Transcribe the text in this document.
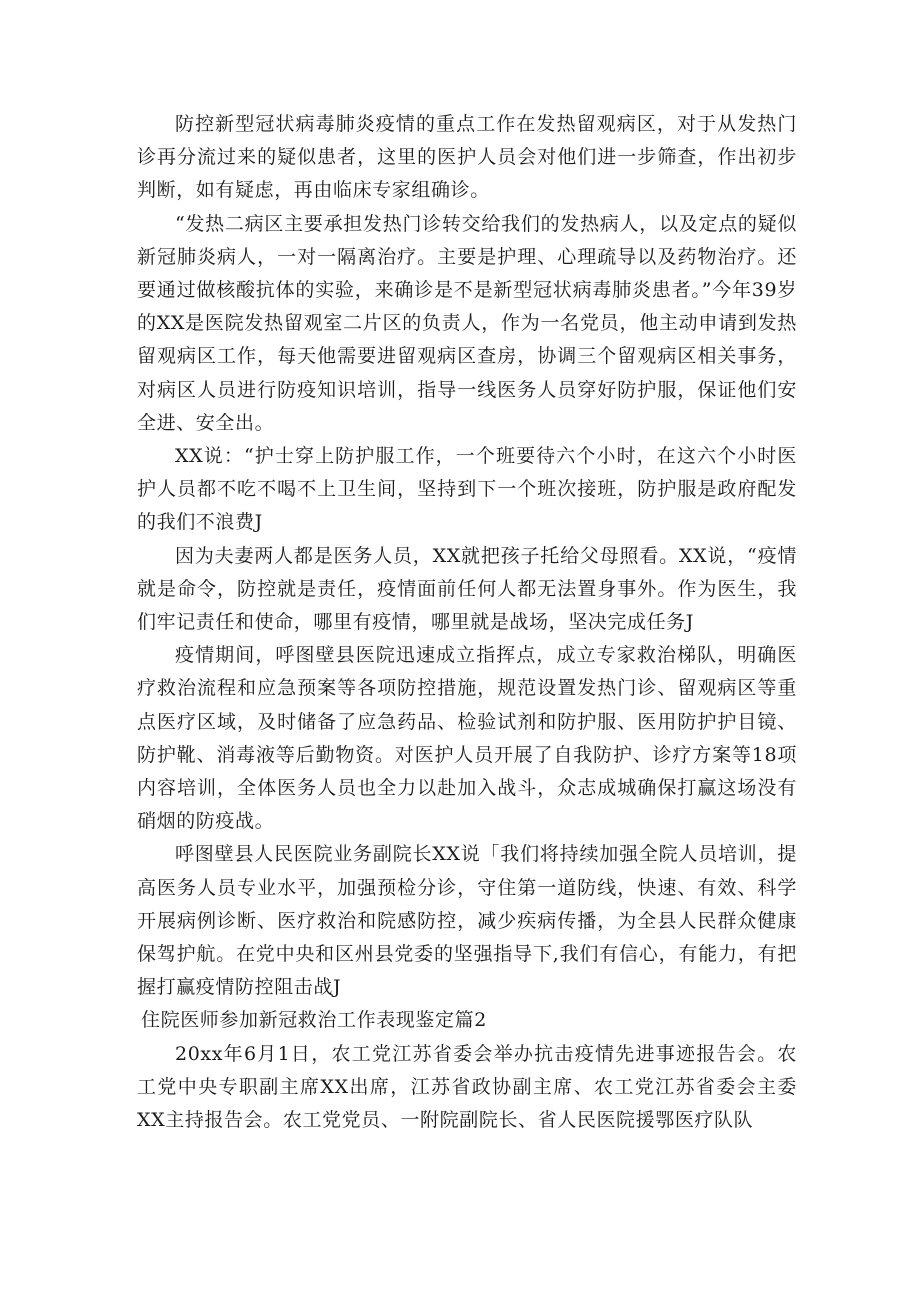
防控新型冠状病毒肺炎疫情的重点工作在发热留观病区，对于从发热门诊再分流过来的疑似患者，这里的医护人员会对他们进一步筛查，作出初步判断，如有疑虑，再由临床专家组确诊。

“发热二病区主要承担发热门诊转交给我们的发热病人，以及定点的疑似新冠肺炎病人，一对一隔离治疗。主要是护理、心理疏导以及药物治疗。还要通过做核酸抗体的实验，来确诊是不是新型冠状病毒肺炎患者。”今年39岁的XX是医院发热留观室二片区的负责人，作为一名党员，他主动申请到发热留观病区工作，每天他需要进留观病区查房，协调三个留观病区相关事务，对病区人员进行防疫知识培训，指导一线医务人员穿好防护服，保证他们安全进、安全出。

XX说：“护士穿上防护服工作，一个班要待六个小时，在这六个小时医护人员都不吃不喝不上卫生间，坚持到下一个班次接班，防护服是政府配发的我们不浪费J

因为夫妻两人都是医务人员，XX就把孩子托给父母照看。XX说，“疫情就是命令，防控就是责任，疫情面前任何人都无法置身事外。作为医生，我们牢记责任和使命，哪里有疫情，哪里就是战场，坚决完成任务J

疫情期间，呼图壁县医院迅速成立指挥点，成立专家救治梯队，明确医疗救治流程和应急预案等各项防控措施，规范设置发热门诊、留观病区等重点医疗区域，及时储备了应急药品、检验试剂和防护服、医用防护护目镜、防护靴、消毒液等后勤物资。对医护人员开展了自我防护、诊疗方案等18项内容培训，全体医务人员也全力以赴加入战斗，众志成城确保打赢这场没有硝烟的防疫战。

呼图壁县人民医院业务副院长XX说「我们将持续加强全院人员培训，提高医务人员专业水平，加强预检分诊，守住第一道防线，快速、有效、科学开展病例诊断、医疗救治和院感防控，减少疾病传播，为全县人民群众健康保驾护航。在党中央和区州县党委的坚强指导下,我们有信心，有能力，有把握打赢疫情防控阻击战J

住院医师参加新冠救治工作表现鉴定篇2

20xx年6月1日，农工党江苏省委会举办抗击疫情先进事迹报告会。农工党中央专职副主席XX出席，江苏省政协副主席、农工党江苏省委会主委XX主持报告会。农工党党员、一附院副院长、省人民医院援鄂医疗队队
